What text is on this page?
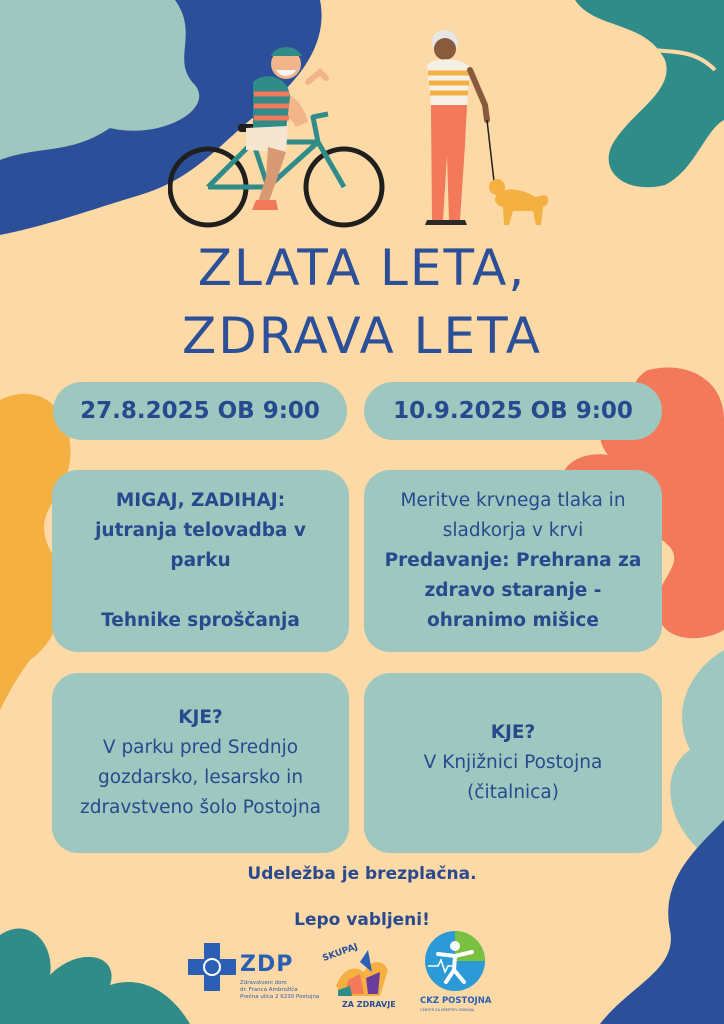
ZLATA LETA,
ZDRAVA LETA
27.8.2025 OB 9:00	10.9.2025 OB 9:00
MIGAJ, ZADIHAJ:
jutranja telovadba v
parku
Tehnike sproščanja
Meritve krvnega tlaka in
sladkorja v krvi
Predavanje: Prehrana za
zdravo staranje -
ohranimo mišice
KJE?
V parku pred Srednjo
gozdarsko, lesarsko in
zdravstveno šolo Postojna
KJE?
V Knjižnici Postojna
(čitalnica)
Udeležba je brezplačna.
Lepo vabljeni!
ZDP
Zdravstveni dom
dr. Franca Ambrožiča
Prečna ulica 2 6230 Postojna
SKUPAJ
ZA ZDRAVJE	CKZ POSTOJNA
CENTER ZA KREPITEV ZDRAVJA
